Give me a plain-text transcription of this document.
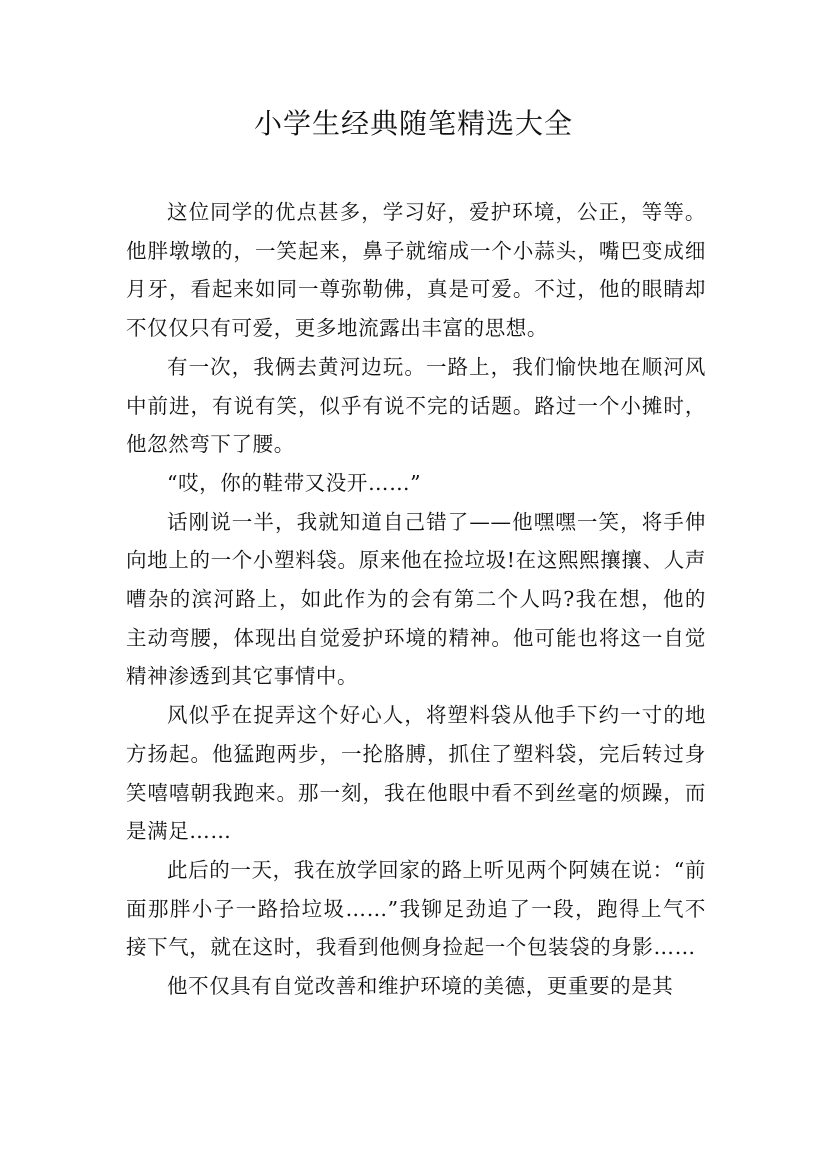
小学生经典随笔精选大全

这位同学的优点甚多，学习好，爱护环境，公正，等等。他胖墩墩的，一笑起来，鼻子就缩成一个小蒜头，嘴巴变成细月牙，看起来如同一尊弥勒佛，真是可爱。不过，他的眼睛却不仅仅只有可爱，更多地流露出丰富的思想。

有一次，我俩去黄河边玩。一路上，我们愉快地在顺河风中前进，有说有笑，似乎有说不完的话题。路过一个小摊时，他忽然弯下了腰。

“哎，你的鞋带又没开……”

话刚说一半，我就知道自己错了——他嘿嘿一笑，将手伸向地上的一个小塑料袋。原来他在捡垃圾!在这熙熙攘攘、人声嘈杂的滨河路上，如此作为的会有第二个人吗?我在想，他的主动弯腰，体现出自觉爱护环境的精神。他可能也将这一自觉精神渗透到其它事情中。

风似乎在捉弄这个好心人，将塑料袋从他手下约一寸的地方扬起。他猛跑两步，一抡胳膊，抓住了塑料袋，完后转过身笑嘻嘻朝我跑来。那一刻，我在他眼中看不到丝毫的烦躁，而是满足……

此后的一天，我在放学回家的路上听见两个阿姨在说：“前面那胖小子一路拾垃圾……”我铆足劲追了一段，跑得上气不接下气，就在这时，我看到他侧身捡起一个包装袋的身影……

他不仅具有自觉改善和维护环境的美德，更重要的是其
